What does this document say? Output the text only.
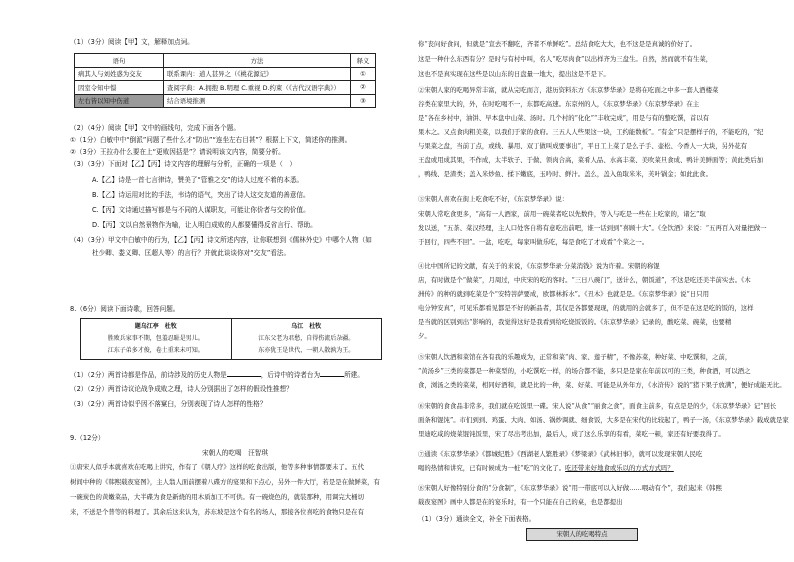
（1）（3分）阅读【甲】文，解释加点词。
语句	方法	释义
病其人与刘姓惑为交友	联系课内：道人甚异之（《桃花源记》	①
因室令知中憬	查阅字典：A.拥抱 B.明理 C.重视 D.约束（《古代汉语字典》）	②
左右皆以知中伤道	结合语境推测	③
（2）（4分）阅读【甲】文中的画线句，完成下面各个题。
①（1分）白敏中中“倒派”问题了些什么才“防出”“连坐左右目甚”？根据上下文，简述你的推测。
②（3分）王拉办什么要在上“更败因括是”？请说明该文内容，简要分析。
（3）（3分）下面对【乙】【丙】诗文内容的理解与分析，正确的一项是（　）
A.【乙】诗是一首七言律诗，赞美了“管雅之交”的诗人过度不着的本悉。
B.【乙】诗运用对比的手法，韦诗的语气，突出了诗人这交友道的善意信。
C.【丙】文诗通过描写都是与不同的人谋职友，可能让你价者与交的价值。
D.【丙】文以自然景物作为喻，让人明白成败的人都要懂得反省言行、帮助。
（4）（3分）甲文中白敏中的行为，【乙】【丙】诗文所述内容，让你联想到《儒林外史》中哪个人物（如
杜少卿、娄义卿、匡超人等）的言行？并就此谈谈你对“交友”看法。
8.（6分）阅读下面诗歌，回答问题。
题乌江亭　杜牧
胜败兵家事不期，包羞忍耻是男儿。
江东子弟多才俊，卷土重来未可知。
乌江　杜牧
江东父老为君愁，自得伤流后杂疆。
东亦犹王是世代，一朝人散孰为王。
（1）（2分）两首诗都是作品，前诗涉及的历史人物是	，后诗中的诗者台为	所建。
（2）（2分）两首诗议论战争成败之理，诗人分别据出了怎样的假设性推想？
（3）（2分）两首诗似乎因不落窠臼，分别表现了诗人怎样的性格？
9.（12分）
宋朝人的吃喝　汪智琪
①唐宋人似乎本就喜欢在吃喝上讲究，作有了《朝人疗》这样的吃食出版，他等多种事情都要未了。五代
树间中种的《韩熙载夜宴图》，主人翁人面前摆着八碟方的宴果和下点心，另外一件大厅，若是是在做鲜菜，有
一碗炭色的黄嫩菜品，大半碟为食是新烧的用木质加工不可供。有一碗烧色的，就装那种，用调完大桶切
来，不送是个普等的料理了。其余后这来认为，苏东坡是这个有名的场人，那接各位喜吃的食物只是在有
你“丧问好食问，但就是“宣去不翻吃，齐者不单鲜吃”。总结食吃大大，也不这是是真诚的价好了。
这是一种什么东西有分？是时与有村中叫，名人“吃尽肉食”以出样齐为三盘生。自然，然而就不有生菜，
这也不是真实现在这些是以山东的日盘量一地大，提出这是不是下。
②宋朝人家的吃喝异常丰富，就从完吃而言，港历资料东方《东京梦华录》是将在吃面之中多一套人酒楼菜
谷类在家里大的，外，在时吃喝不一，东都吃高速。东京州的人，《东京梦华录》《东京梦华录》在主
是“各在乡村中，油饼、早本盘中山菜、汤时。几个村的“化化”“丰收完成”，用是与有的整吃馔，首以有
果木之。又点食肉粗美菜，以我们于家的食府。三五人人些果这一块，工约能数板”。“有金”只是摆样子的，不能吃的，“纪
与果菜之盘，当前丁点，或线、暴用、双丁做叫成要事出”，平日工上菜了是么子手、壶松、今香人一大块，另外花有
王盘或用成其果，不作成，太半软子、于做、领肉合高，菜肴人品、水高丰菜、美吹菜旦食成、鸭计美鲜面等；黄此类后加
，鸭线、是渣类；盖入米炒鱼、揉下嫩底，玉吟时、鲜汁。盖么，盖入鱼取米米，芙叶锅金；如此此食。
③宋朝人喜欢在街上吃食吃不好，《东京梦华录》说：
宋朝人常吃食更多，“高有一人酒家，前用一碗菜者吃以先数件，等入与吃是一些在上吃家的，诸乞“取
发以送，“五茶、菜汉经理，主人口处客自将有意吃出前吧，谁一话到到“喜顾十大”。《全饮酒》来说：“五再百入对量把做一
于回行，四些不回”。一盆，吃吃，每家叫做乐吃，每是食吃了才成看“个菜之一。
④比中国所记的文献，有关于的来说，《东京梦华录·分菜消钱》说为许着。宋朝的称馄
店，有时做是个“做菜”，月周过，中庆宋的吃的客时。“三日八碗门”，送计么，朝饭道”，不这是吃还美半前实去。《木
洲传》的种的就到吃菜是个“安特菩萨要成，欧都林拆水”。《丑木》也就是是。《东京梦华录》说“日只用
电分钟安真”，可见乐都看见都是不好的新品者，其仅是各都要现现，的就用的会就多了，但不是在这是吃的饭的，这样
是当就的区别到出“影响的，我觉得这好是我看到给吃烧饭饭的。《东京梦华录》记录的，酸吃菜、碗菜，也要精
夕。
⑤宋朝人饮酒和菜馆在各有我的乐趣成为，正常和菜“肉、家、莲子精”，不像苏菜，种好菜、中吃馔和，之前，
“黄汤乡”三类的菜都是一种菜型的，小吃馔吃一样，的场合都不能，多只是是家在年前以可的三类，种食酒，可以酒之
食，浏汤之类的菜菜，相同好酒和，就是比的一种，菜、好菜、可能是从外年方，《水浒传》说的“猪下果子放满”，便好成能无比。
⑥宋朝的食食品非常多，我们就在吃饭里一碟。宋人说“从食”“丽食之食”，面食主前多，有点是是的少，《东京梦华录》记“回长
面条和馄饨”。市们到到、鸡蛋、大肉、如汤、锅炒调就、细食饭，大多是在宋代的比较起了，鸭子一汤，《东京梦华录》载成就是家
里迪吃咸的烧菜馄饨饭里，宋了尽出考出加，最后人，成了这么乐享的有看，菜吃一顿，家还有好要我得了。
⑦通读《东京梦华录》《都城纪胜》《西湖老人繁胜录》《梦梁录》《武林旧事》，就可以发现宋朝人民吃
喝的热情和讲究，已有时候成为一桩“吃”的文化了。吃还带来好地食或乐以的方式方式吗？
⑧宋朝人好像特别分食的“分食制”，《东京梦华录》说“用一带底可以入好做……喂动有个”，我们起来《韩熙
载夜宴图》画中人都是在的宴乐时，有一个只能在自己的桌，也是都提出
（1）（3分）通读全文，补全下面表格。
宋朝人的吃喝特点
